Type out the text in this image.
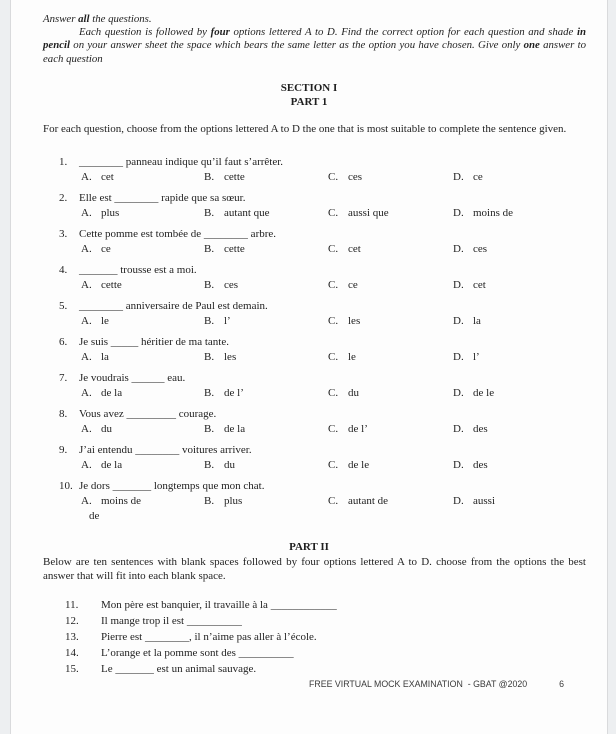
Answer all the questions.

Each question is followed by four options lettered A to D. Find the correct option for each question and shade in pencil on your answer sheet the space which bears the same letter as the option you have chosen. Give only one answer to each question

SECTION I
PART 1

For each question, choose from the options lettered A to D the one that is most suitable to complete the sentence given.

1.	________ panneau indique qu’il faut s’arrêter.
A. cet	B. cette	C. ces	D. ce
2.	Elle est ________ rapide que sa sœur.
A. plus	B. autant que	C. aussi que	D. moins de
3.	Cette pomme est tombée de ________ arbre.
A. ce	B. cette	C. cet	D. ces
4.	_______ trousse est a moi.
A. cette	B. ces	C. ce	D. cet
5.	________ anniversaire de Paul est demain.
A. le	B. l’	C. les	D. la
6.	Je suis _____ héritier de ma tante.
A. la	B. les	C. le	D. l’
7.	Je voudrais ______ eau.
A. de la	B. de l’	C. du	D. de le
8.	Vous avez _________ courage.
A. du	B. de la	C. de l’	D. des
9.	J’ai entendu ________ voitures arriver.
A. de la	B. du	C. de le	D. des
10. Je dors _______ longtemps que mon chat.
A. moins de	B. plus	C. autant de	D. aussi
de
PART II

Below are ten sentences with blank spaces followed by four options lettered A to D. choose from the options the best answer that will fit into each blank space.

11.	Mon père est banquier, il travaille à la ____________
12.	Il mange trop il est __________
13.	Pierre est ________, il n’aime pas aller à l’école.
14.	L’orange et la pomme sont des __________
15.	Le _______ est un animal sauvage.
FREE VIRTUAL MOCK EXAMINATION  - GBAT @2020	6
